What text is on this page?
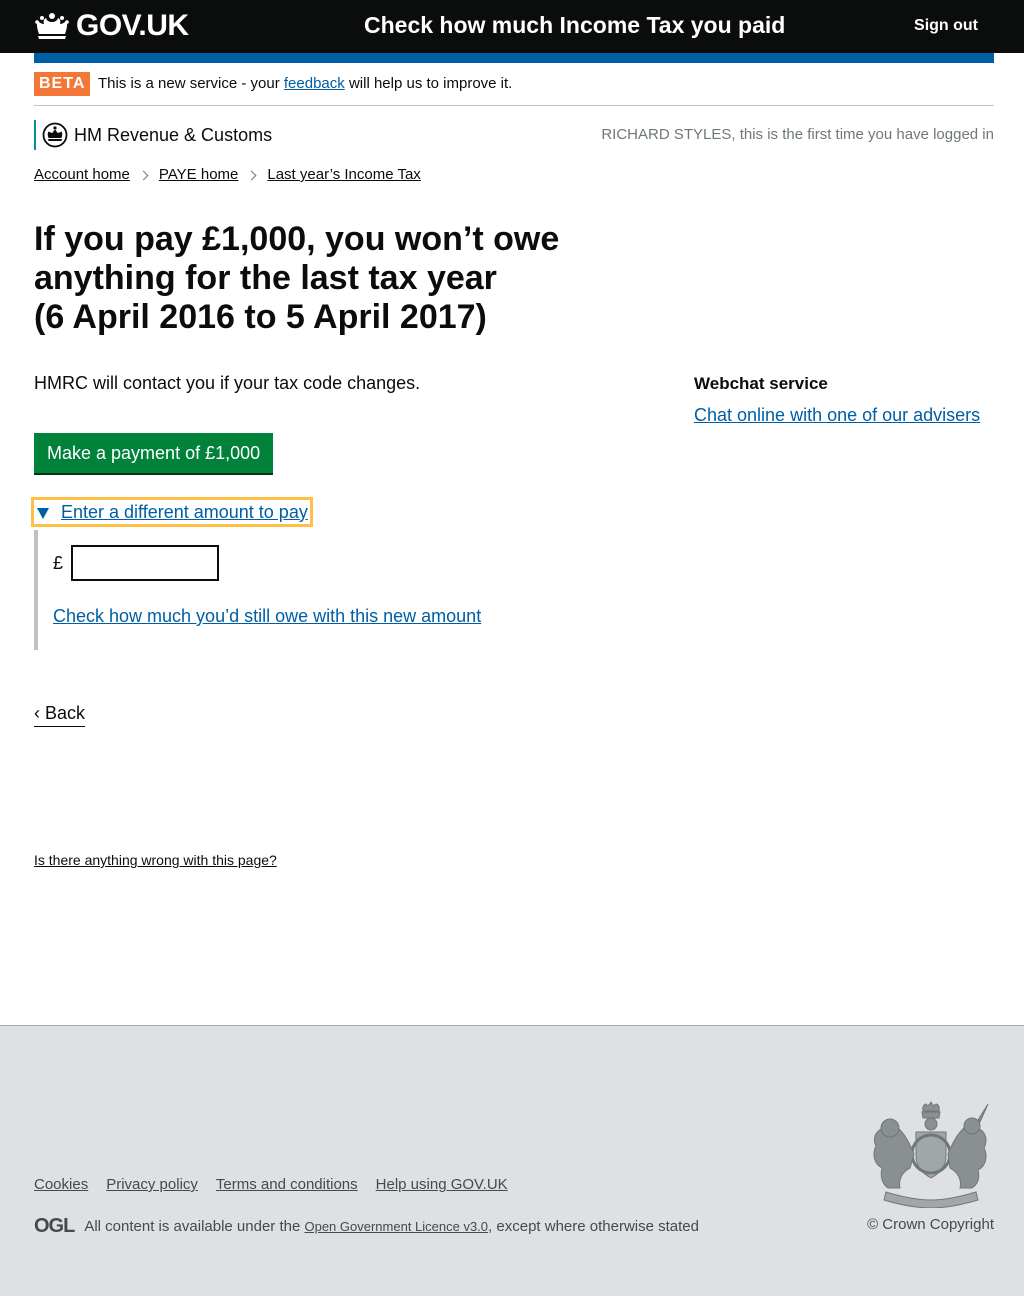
GOV.UK	Check how much Income Tax you paid	Sign out
BETA This is a new service - your feedback will help us to improve it.
HM Revenue & Customs	RICHARD STYLES, this is the first time you have logged in
Account home PAYE home Last year’s Income Tax
If you pay £1,000, you won’t owe
anything for the last tax year
(6 April 2016 to 5 April 2017)

HMRC will contact you if your tax code changes.

Make a payment of £1,000
Enter a different amount to pay
£
Check how much you’d still owe with this new amount
‹ Back
Is there anything wrong with this page?
Webchat service
Chat online with one of our advisers
Cookies Privacy policy Terms and conditions Help using GOV.UK
OGL All content is available under the Open Government Licence v3.0, except where otherwise stated	© Crown Copyright
